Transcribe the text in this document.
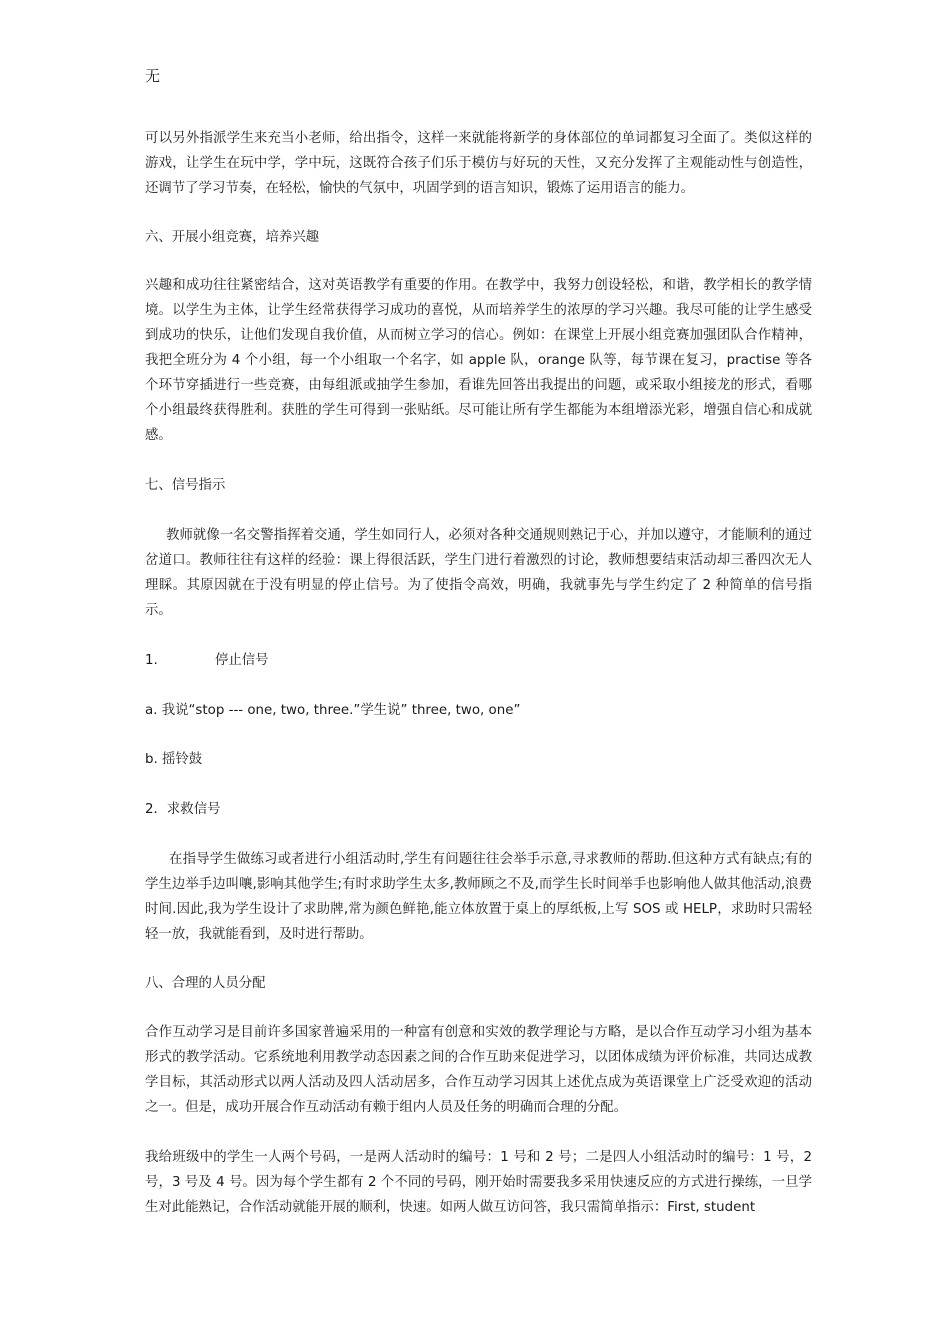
无

可以另外指派学生来充当小老师，给出指令，这样一来就能将新学的身体部位的单词都复习全面了。类似这样的游戏，让学生在玩中学，学中玩，这既符合孩子们乐于模仿与好玩的天性，又充分发挥了主观能动性与创造性，还调节了学习节奏，在轻松，愉快的气氛中，巩固学到的语言知识，锻炼了运用语言的能力。

六、开展小组竞赛，培养兴趣

兴趣和成功往往紧密结合，这对英语教学有重要的作用。在教学中，我努力创设轻松，和谐，教学相长的教学情境。以学生为主体，让学生经常获得学习成功的喜悦，从而培养学生的浓厚的学习兴趣。我尽可能的让学生感受到成功的快乐，让他们发现自我价值，从而树立学习的信心。例如：在课堂上开展小组竞赛加强团队合作精神，我把全班分为 4 个小组，每一个小组取一个名字，如 apple 队，orange 队等，每节课在复习，practise 等各个环节穿插进行一些竞赛，由每组派或抽学生参加，看谁先回答出我提出的问题，或采取小组接龙的形式，看哪个小组最终获得胜利。获胜的学生可得到一张贴纸。尽可能让所有学生都能为本组增添光彩，增强自信心和成就感。

七、信号指示

教师就像一名交警指挥着交通，学生如同行人，必须对各种交通规则熟记于心，并加以遵守，才能顺利的通过岔道口。教师往往有这样的经验：课上得很活跃，学生门进行着激烈的讨论，教师想要结束活动却三番四次无人理睬。其原因就在于没有明显的停止信号。为了使指令高效，明确，我就事先与学生约定了 2 种简单的信号指示。

1.	停止信号

a. 我说“stop --- one, two, three.”学生说” three, two, one”

b. 摇铃鼓

2．求救信号

在指导学生做练习或者进行小组活动时,学生有问题往往会举手示意,寻求教师的帮助.但这种方式有缺点;有的学生边举手边叫嚷,影响其他学生;有时求助学生太多,教师顾之不及,而学生长时间举手也影响他人做其他活动,浪费时间.因此,我为学生设计了求助牌,常为颜色鲜艳,能立体放置于桌上的厚纸板,上写 SOS 或 HELP，求助时只需轻轻一放，我就能看到，及时进行帮助。

八、合理的人员分配

合作互动学习是目前许多国家普遍采用的一种富有创意和实效的教学理论与方略，是以合作互动学习小组为基本形式的教学活动。它系统地利用教学动态因素之间的合作互助来促进学习，以团体成绩为评价标准，共同达成教学目标，其活动形式以两人活动及四人活动居多，合作互动学习因其上述优点成为英语课堂上广泛受欢迎的活动之一。但是，成功开展合作互动活动有赖于组内人员及任务的明确而合理的分配。

我给班级中的学生一人两个号码，一是两人活动时的编号：1 号和 2 号；二是四人小组活动时的编号：1 号，2 号，3 号及 4 号。因为每个学生都有 2 个不同的号码，刚开始时需要我多采用快速反应的方式进行操练，一旦学生对此能熟记，合作活动就能开展的顺利，快速。如两人做互访问答，我只需简单指示：First, student
